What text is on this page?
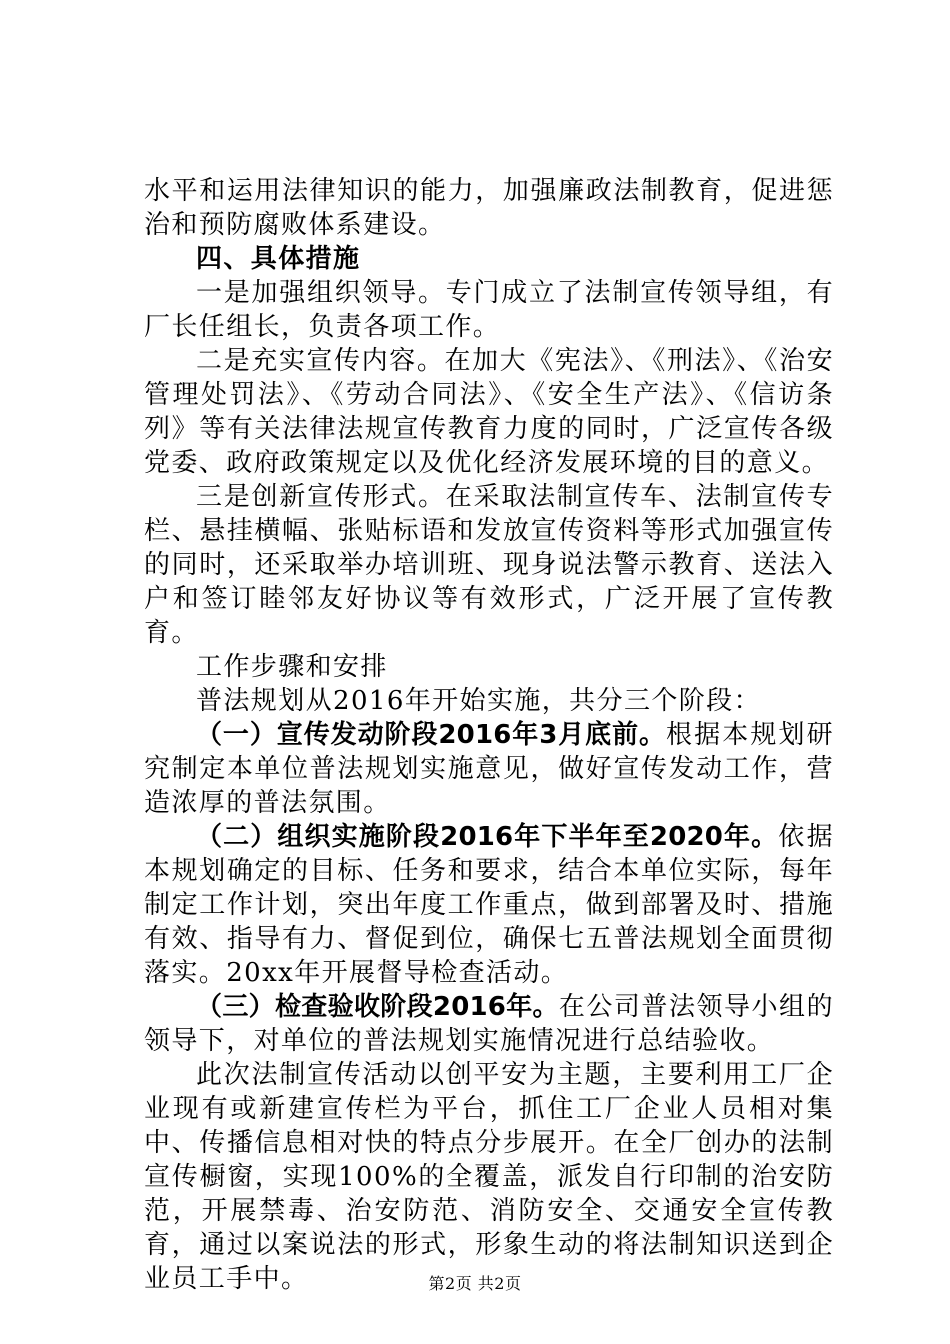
水平和运用法律知识的能力，加强廉政法制教育，促进惩治和预防腐败体系建设。

四、具体措施

一是加强组织领导。专门成立了法制宣传领导组，有厂长任组长，负责各项工作。

二是充实宣传内容。在加大《宪法》、《刑法》、《治安管理处罚法》、《劳动合同法》、《安全生产法》、《信访条列》等有关法律法规宣传教育力度的同时，广泛宣传各级党委、政府政策规定以及优化经济发展环境的目的意义。

三是创新宣传形式。在采取法制宣传车、法制宣传专栏、悬挂横幅、张贴标语和发放宣传资料等形式加强宣传的同时，还采取举办培训班、现身说法警示教育、送法入户和签订睦邻友好协议等有效形式，广泛开展了宣传教育。

工作步骤和安排

普法规划从2016年开始实施，共分三个阶段：

（一）宣传发动阶段2016年3月底前。根据本规划研究制定本单位普法规划实施意见，做好宣传发动工作，营造浓厚的普法氛围。

（二）组织实施阶段2016年下半年至2020年。依据本规划确定的目标、任务和要求，结合本单位实际，每年制定工作计划，突出年度工作重点，做到部署及时、措施有效、指导有力、督促到位，确保七五普法规划全面贯彻落实。20xx年开展督导检查活动。

（三）检查验收阶段2016年。在公司普法领导小组的领导下，对单位的普法规划实施情况进行总结验收。

此次法制宣传活动以创平安为主题，主要利用工厂企业现有或新建宣传栏为平台，抓住工厂企业人员相对集中、传播信息相对快的特点分步展开。在全厂创办的法制宣传橱窗，实现100%的全覆盖，派发自行印制的治安防范，开展禁毒、治安防范、消防安全、交通安全宣传教育，通过以案说法的形式，形象生动的将法制知识送到企业员工手中。	第2页 共2页
